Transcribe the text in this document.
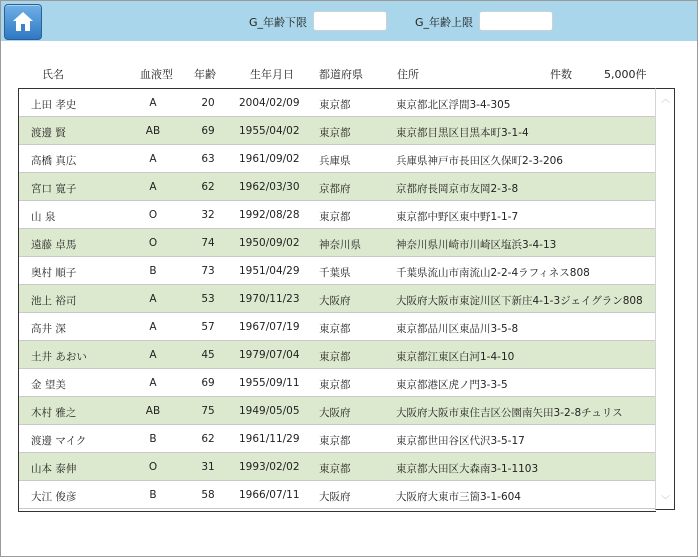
G_年齢下限	G_年齢上限
氏名	血液型 年齢	生年月日 都道府県	住所	件数	5,000件
上田 孝史	A	20	2004/02/09 東京都	東京都北区浮間3-4-305
渡邊 賢	AB	69	1955/04/02 東京都	東京都目黒区目黒本町3-1-4
高橋 真広	A	63	1961/09/02 兵庫県	兵庫県神戸市長田区久保町2-3-206
宮口 寛子	A	62	1962/03/30 京都府	京都府長岡京市友岡2-3-8
山 泉	O	32	1992/08/28 東京都	東京都中野区東中野1-1-7
遠藤 卓馬	O	74	1950/09/02 神奈川県	神奈川県川崎市川崎区塩浜3-4-13
奥村 順子	B	73	1951/04/29 千葉県	千葉県流山市南流山2-2-4ラフィネス808
池上 裕司	A	53	1970/11/23 大阪府	大阪府大阪市東淀川区下新庄4-1-3ジェイグラン808
高井 深	A	57	1967/07/19 東京都	東京都品川区東品川3-5-8
土井 あおい	A	45	1979/07/04 東京都	東京都江東区白河1-4-10
金 望美	A	69	1955/09/11 東京都	東京都港区虎ノ門3-3-5
木村 雅之	AB	75	1949/05/05 大阪府	大阪府大阪市東住吉区公園南矢田3-2-8チュリス
渡邊 マイク	B	62	1961/11/29 東京都	東京都世田谷区代沢3-5-17
山本 泰伸	O	31	1993/02/02 東京都	東京都大田区大森南3-1-1103
大江 俊彦	B	58	1966/07/11 大阪府	大阪府大東市三箇3-1-604
︿
﹀
